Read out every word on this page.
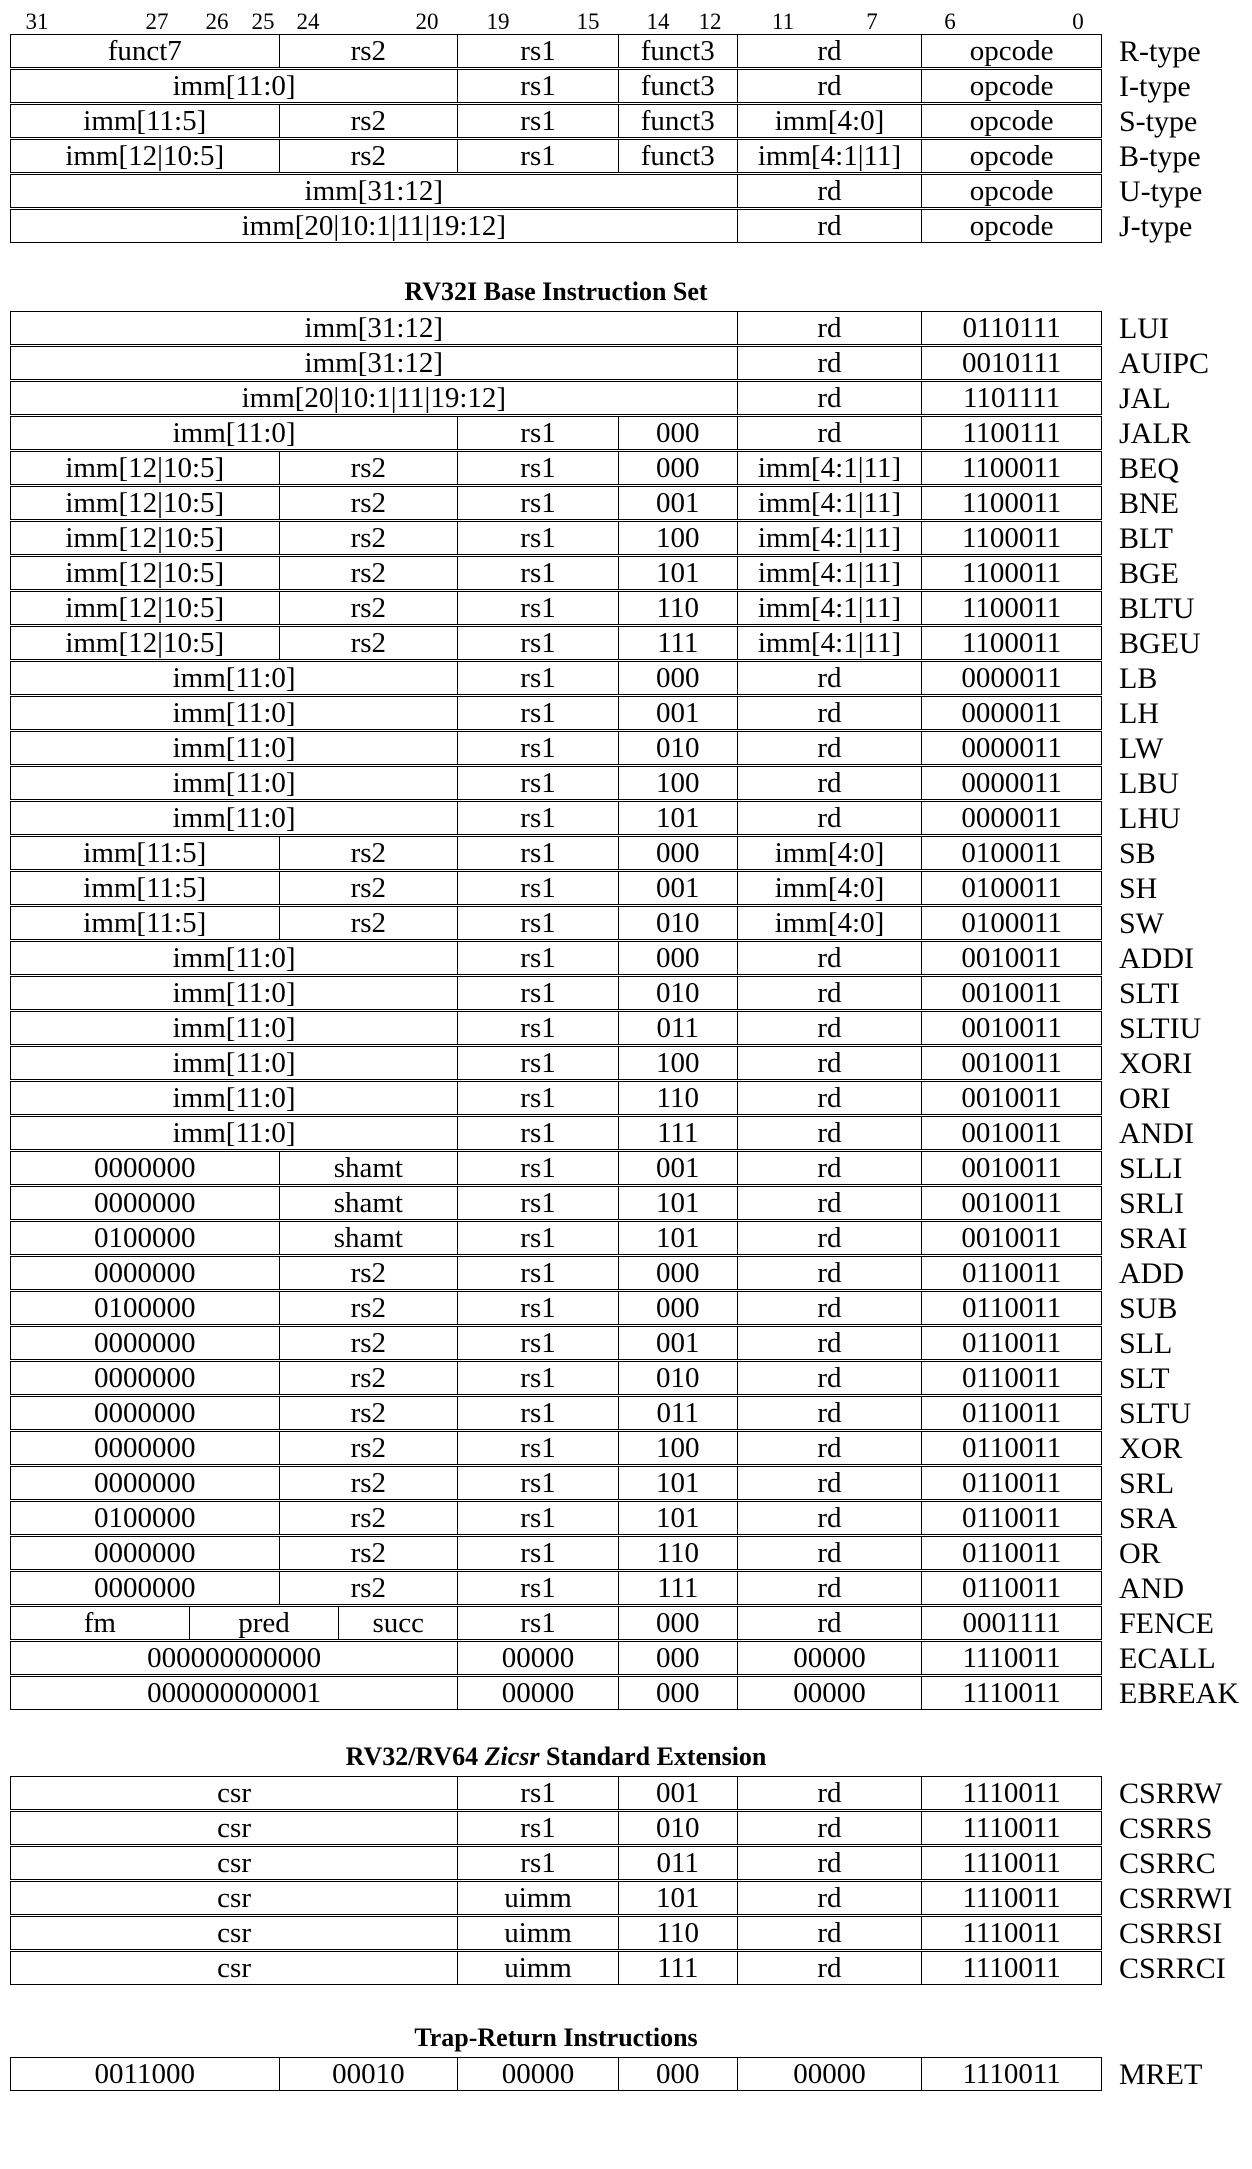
31	27 26 25 24	20 19	15 14 12 11	7	6	0
funct7	rs2	rs1	funct3	rd	opcode	R-type
imm[11:0]	rs1	funct3	rd	opcode	I-type
imm[11:5]	rs2	rs1	funct3	imm[4:0]	opcode	S-type
imm[12|10:5]	rs2	rs1	funct3	imm[4:1|11]	opcode	B-type
imm[31:12]	rd	opcode	U-type
imm[20|10:1|11|19:12]	rd	opcode	J-type
RV32I Base Instruction Set
imm[31:12]	rd	0110111	LUI
imm[31:12]	rd	0010111	AUIPC
imm[20|10:1|11|19:12]	rd	1101111	JAL
imm[11:0]	rs1	000	rd	1100111	JALR
imm[12|10:5]	rs2	rs1	000	imm[4:1|11]	1100011	BEQ
imm[12|10:5]	rs2	rs1	001	imm[4:1|11]	1100011	BNE
imm[12|10:5]	rs2	rs1	100	imm[4:1|11]	1100011	BLT
imm[12|10:5]	rs2	rs1	101	imm[4:1|11]	1100011	BGE
imm[12|10:5]	rs2	rs1	110	imm[4:1|11]	1100011	BLTU
imm[12|10:5]	rs2	rs1	111	imm[4:1|11]	1100011	BGEU
imm[11:0]	rs1	000	rd	0000011	LB
imm[11:0]	rs1	001	rd	0000011	LH
imm[11:0]	rs1	010	rd	0000011	LW
imm[11:0]	rs1	100	rd	0000011	LBU
imm[11:0]	rs1	101	rd	0000011	LHU
imm[11:5]	rs2	rs1	000	imm[4:0]	0100011	SB
imm[11:5]	rs2	rs1	001	imm[4:0]	0100011	SH
imm[11:5]	rs2	rs1	010	imm[4:0]	0100011	SW
imm[11:0]	rs1	000	rd	0010011	ADDI
imm[11:0]	rs1	010	rd	0010011	SLTI
imm[11:0]	rs1	011	rd	0010011	SLTIU
imm[11:0]	rs1	100	rd	0010011	XORI
imm[11:0]	rs1	110	rd	0010011	ORI
imm[11:0]	rs1	111	rd	0010011	ANDI
0000000	shamt	rs1	001	rd	0010011	SLLI
0000000	shamt	rs1	101	rd	0010011	SRLI
0100000	shamt	rs1	101	rd	0010011	SRAI
0000000	rs2	rs1	000	rd	0110011	ADD
0100000	rs2	rs1	000	rd	0110011	SUB
0000000	rs2	rs1	001	rd	0110011	SLL
0000000	rs2	rs1	010	rd	0110011	SLT
0000000	rs2	rs1	011	rd	0110011	SLTU
0000000	rs2	rs1	100	rd	0110011	XOR
0000000	rs2	rs1	101	rd	0110011	SRL
0100000	rs2	rs1	101	rd	0110011	SRA
0000000	rs2	rs1	110	rd	0110011	OR
0000000	rs2	rs1	111	rd	0110011	AND
fm	pred	succ	rs1	000	rd	0001111	FENCE
000000000000	00000	000	00000	1110011	ECALL
000000000001	00000	000	00000	1110011	EBREAK
RV32/RV64 Zicsr Standard Extension
csr	rs1	001	rd	1110011	CSRRW
csr	rs1	010	rd	1110011	CSRRS
csr	rs1	011	rd	1110011	CSRRC
csr	uimm	101	rd	1110011	CSRRWI
csr	uimm	110	rd	1110011	CSRRSI
csr	uimm	111	rd	1110011	CSRRCI
Trap-Return Instructions
0011000	00010	00000	000	00000	1110011	MRET
